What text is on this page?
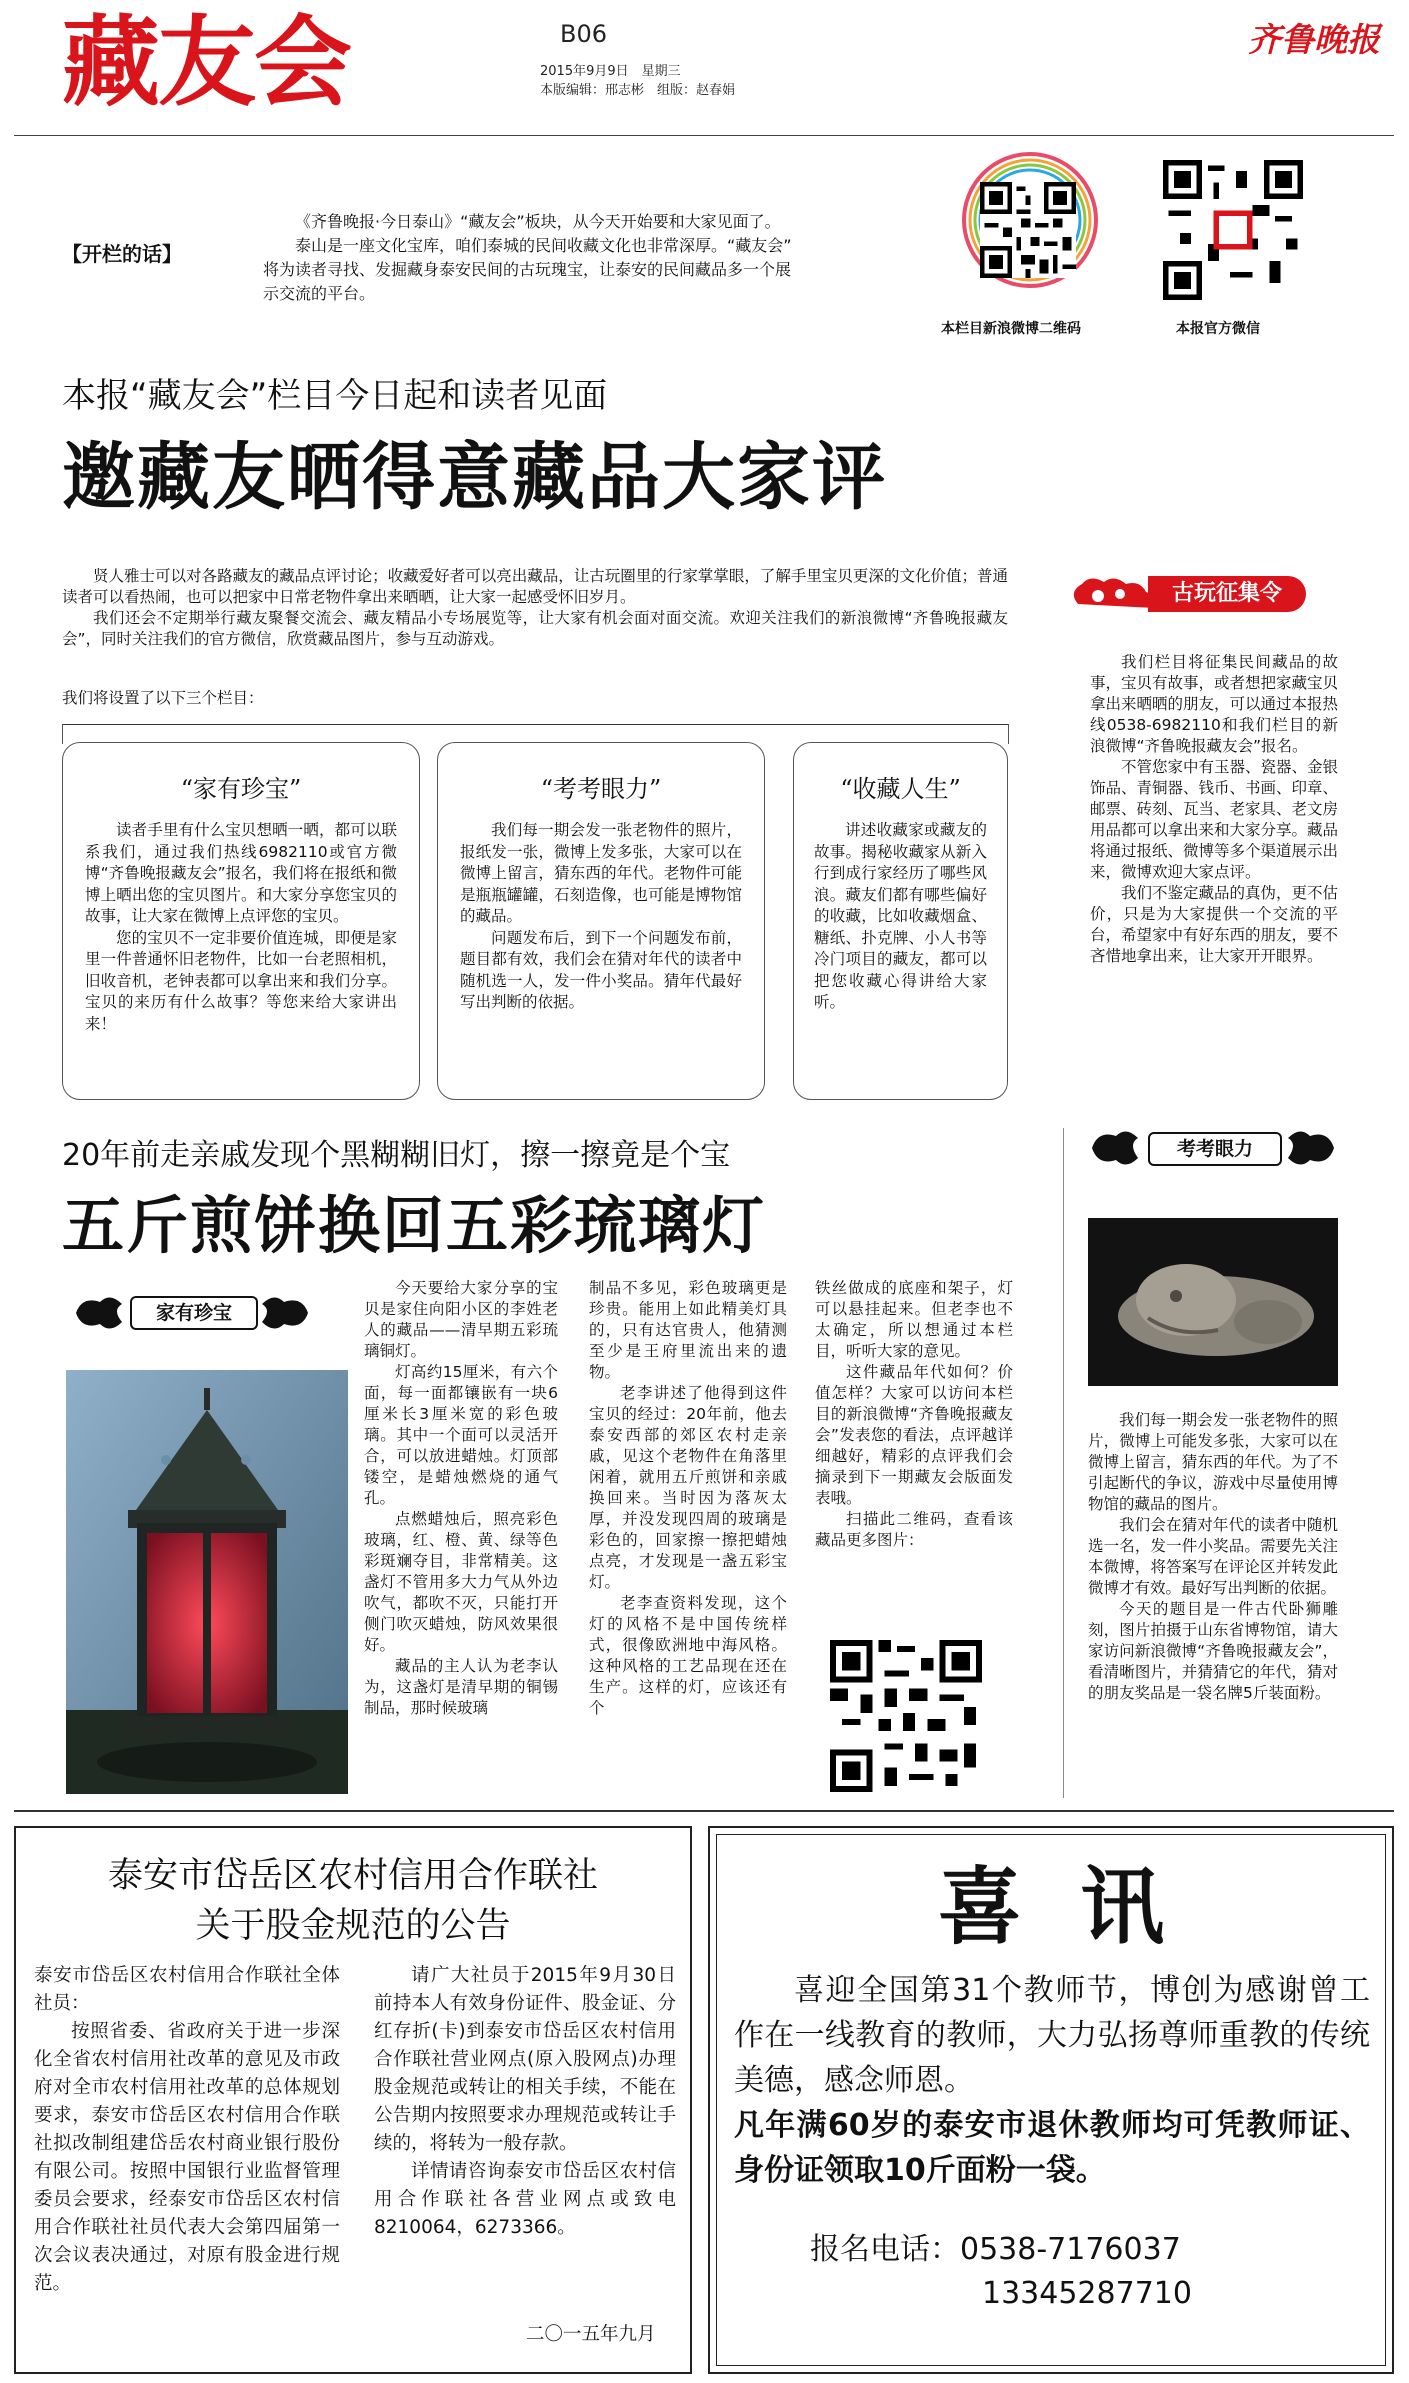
藏友会	B06
2015年9月9日　星期三
本版编辑：邢志彬　组版：赵春娟
齐鲁晚报
【开栏的话】
《齐鲁晚报·今日泰山》“藏友会”板块，从今天开始要和大家见面了。
泰山是一座文化宝库，咱们泰城的民间收藏文化也非常深厚。“藏友会”
将为读者寻找、发掘藏身泰安民间的古玩瑰宝，让泰安的民间藏品多一个展
示交流的平台。
本栏目新浪微博二维码	本报官方微信
本报“藏友会”栏目今日起和读者见面
邀藏友晒得意藏品大家评

贤人雅士可以对各路藏友的藏品点评讨论；收藏爱好者可以亮出藏品，让古玩圈里的行家掌掌眼，了解手里宝贝更深的文化价值；普通读者可以看热闹，也可以把家中日常老物件拿出来晒晒，让大家一起感受怀旧岁月。

我们还会不定期举行藏友聚餐交流会、藏友精品小专场展览等，让大家有机会面对面交流。欢迎关注我们的新浪微博“齐鲁晚报藏友会”，同时关注我们的官方微信，欣赏藏品图片，参与互动游戏。

我们将设置了以下三个栏目：
“家有珍宝”

读者手里有什么宝贝想晒一晒，都可以联系我们，通过我们热线6982110或官方微博“齐鲁晚报藏友会”报名，我们将在报纸和微博上晒出您的宝贝图片。和大家分享您宝贝的故事，让大家在微博上点评您的宝贝。

您的宝贝不一定非要价值连城，即便是家里一件普通怀旧老物件，比如一台老照相机，旧收音机，老钟表都可以拿出来和我们分享。宝贝的来历有什么故事？等您来给大家讲出来！

“考考眼力”

我们每一期会发一张老物件的照片，报纸发一张，微博上发多张，大家可以在微博上留言，猜东西的年代。老物件可能是瓶瓶罐罐，石刻造像，也可能是博物馆的藏品。

问题发布后，到下一个问题发布前，题目都有效，我们会在猜对年代的读者中随机选一人，发一件小奖品。猜年代最好写出判断的依据。

“收藏人生”

讲述收藏家或藏友的故事。揭秘收藏家从新入行到成行家经历了哪些风浪。藏友们都有哪些偏好的收藏，比如收藏烟盒、糖纸、扑克牌、小人书等冷门项目的藏友，都可以把您收藏心得讲给大家听。

古玩征集令

我们栏目将征集民间藏品的故事，宝贝有故事，或者想把家藏宝贝拿出来晒晒的朋友，可以通过本报热线0538-6982110和我们栏目的新浪微博“齐鲁晚报藏友会”报名。

不管您家中有玉器、瓷器、金银饰品、青铜器、钱币、书画、印章、邮票、砖刻、瓦当、老家具、老文房用品都可以拿出来和大家分享。藏品将通过报纸、微博等多个渠道展示出来，微博欢迎大家点评。

我们不鉴定藏品的真伪，更不估价，只是为大家提供一个交流的平台，希望家中有好东西的朋友，要不吝惜地拿出来，让大家开开眼界。

20年前走亲戚发现个黑糊糊旧灯，擦一擦竟是个宝
五斤煎饼换回五彩琉璃灯
家有珍宝

今天要给大家分享的宝贝是家住向阳小区的李姓老人的藏品——清早期五彩琉璃铜灯。

灯高约15厘米，有六个面，每一面都镶嵌有一块6厘米长3厘米宽的彩色玻璃。其中一个面可以灵活开合，可以放进蜡烛。灯顶部镂空，是蜡烛燃烧的通气孔。

点燃蜡烛后，照亮彩色玻璃，红、橙、黄、绿等色彩斑斓夺目，非常精美。这盏灯不管用多大力气从外边吹气，都吹不灭，只能打开侧门吹灭蜡烛，防风效果很好。

藏品的主人认为老李认为，这盏灯是清早期的铜锡制品，那时候玻璃

制品不多见，彩色玻璃更是珍贵。能用上如此精美灯具的，只有达官贵人，他猜测至少是王府里流出来的遗物。

老李讲述了他得到这件宝贝的经过：20年前，他去泰安西部的郊区农村走亲戚，见这个老物件在角落里闲着，就用五斤煎饼和亲戚换回来。当时因为落灰太厚，并没发现四周的玻璃是彩色的，回家擦一擦把蜡烛点亮，才发现是一盏五彩宝灯。

老李查资料发现，这个灯的风格不是中国传统样式，很像欧洲地中海风格。这种风格的工艺品现在还在生产。这样的灯，应该还有个

铁丝做成的底座和架子，灯可以悬挂起来。但老李也不太确定，所以想通过本栏目，听听大家的意见。

这件藏品年代如何？价值怎样？大家可以访问本栏目的新浪微博“齐鲁晚报藏友会”发表您的看法，点评越详细越好，精彩的点评我们会摘录到下一期藏友会版面发表哦。

扫描此二维码，查看该藏品更多图片：

考考眼力

我们每一期会发一张老物件的照片，微博上可能发多张，大家可以在微博上留言，猜东西的年代。为了不引起断代的争议，游戏中尽量使用博物馆的藏品的图片。

我们会在猜对年代的读者中随机选一名，发一件小奖品。需要先关注本微博，将答案写在评论区并转发此微博才有效。最好写出判断的依据。

今天的题目是一件古代卧狮雕刻，图片拍摄于山东省博物馆，请大家访问新浪微博“齐鲁晚报藏友会”，看清晰图片，并猜猜它的年代，猜对的朋友奖品是一袋名牌5斤装面粉。

泰安市岱岳区农村信用合作联社
关于股金规范的公告

泰安市岱岳区农村信用合作联社全体社员：

按照省委、省政府关于进一步深化全省农村信用社改革的意见及市政府对全市农村信用社改革的总体规划要求，泰安市岱岳区农村信用合作联社拟改制组建岱岳农村商业银行股份有限公司。按照中国银行业监督管理委员会要求，经泰安市岱岳区农村信用合作联社社员代表大会第四届第一次会议表决通过，对原有股金进行规范。

请广大社员于2015年9月30日前持本人有效身份证件、股金证、分红存折(卡)到泰安市岱岳区农村信用合作联社营业网点(原入股网点)办理股金规范或转让的相关手续，不能在公告期内按照要求办理规范或转让手续的，将转为一般存款。

详情请咨询泰安市岱岳区农村信用合作联社各营业网点或致电8210064，6273366。

二〇一五年九月
喜  讯

喜迎全国第31个教师节，博创为感谢曾工作在一线教育的教师，大力弘扬尊师重教的传统美德，感念师恩。

凡年满60岁的泰安市退休教师均可凭教师证、身份证领取10斤面粉一袋。

报名电话：0538-7176037
13345287710
